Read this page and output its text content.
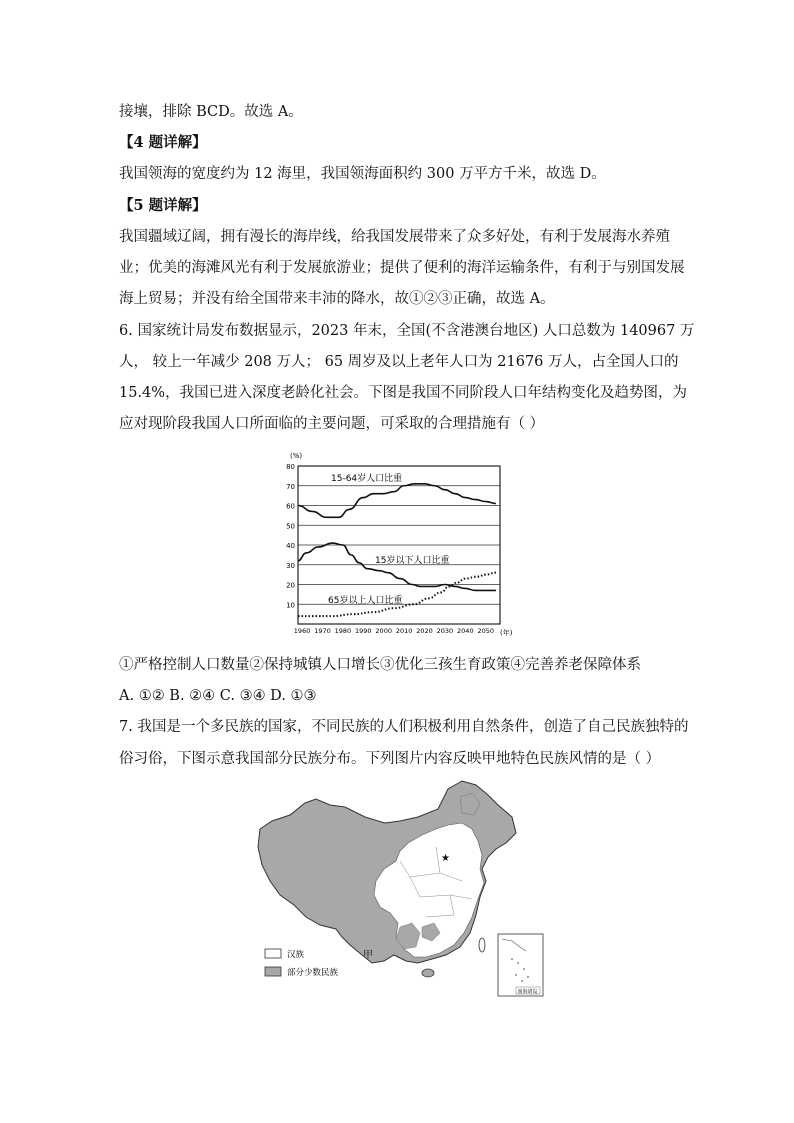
接壤，排除 BCD。故选 A。
【4 题详解】
我国领海的宽度约为 12 海里，我国领海面积约 300 万平方千米，故选 D。
【5 题详解】
我国疆域辽阔，拥有漫长的海岸线，给我国发展带来了众多好处，有利于发展海水养殖
业；优美的海滩风光有利于发展旅游业；提供了便利的海洋运输条件，有利于与别国发展
海上贸易；并没有给全国带来丰沛的降水，故①②③正确，故选 A。
6. 国家统计局发布数据显示，2023 年末，全国(不含港澳台地区) 人口总数为 140967 万
人， 较上一年减少 208 万人； 65 周岁及以上老年人口为 21676 万人，占全国人口的
15.4%，我国已进入深度老龄化社会。下图是我国不同阶段人口年结构变化及趋势图，为
应对现阶段我国人口所面临的主要问题，可采取的合理措施有（ ）
80
70
60
50
40
30
20
10
1960 1970 1980 1990 2000 2010 2020 2030 2040 2050
(%)
(年)
15-64岁人口比重
15岁以下人口比重
65岁以上人口比重
①严格控制人口数量②保持城镇人口增长③优化三孩生育政策④完善养老保障体系
A. ①② B. ②④ C. ③④ D. ①③
7. 我国是一个多民族的国家，不同民族的人们积极利用自然条件，创造了自己民族独特的
俗习俗，下图示意我国部分民族分布。下列图片内容反映甲地特色民族风情的是（ ）
★
甲
南海诸岛
汉族
部分少数民族
